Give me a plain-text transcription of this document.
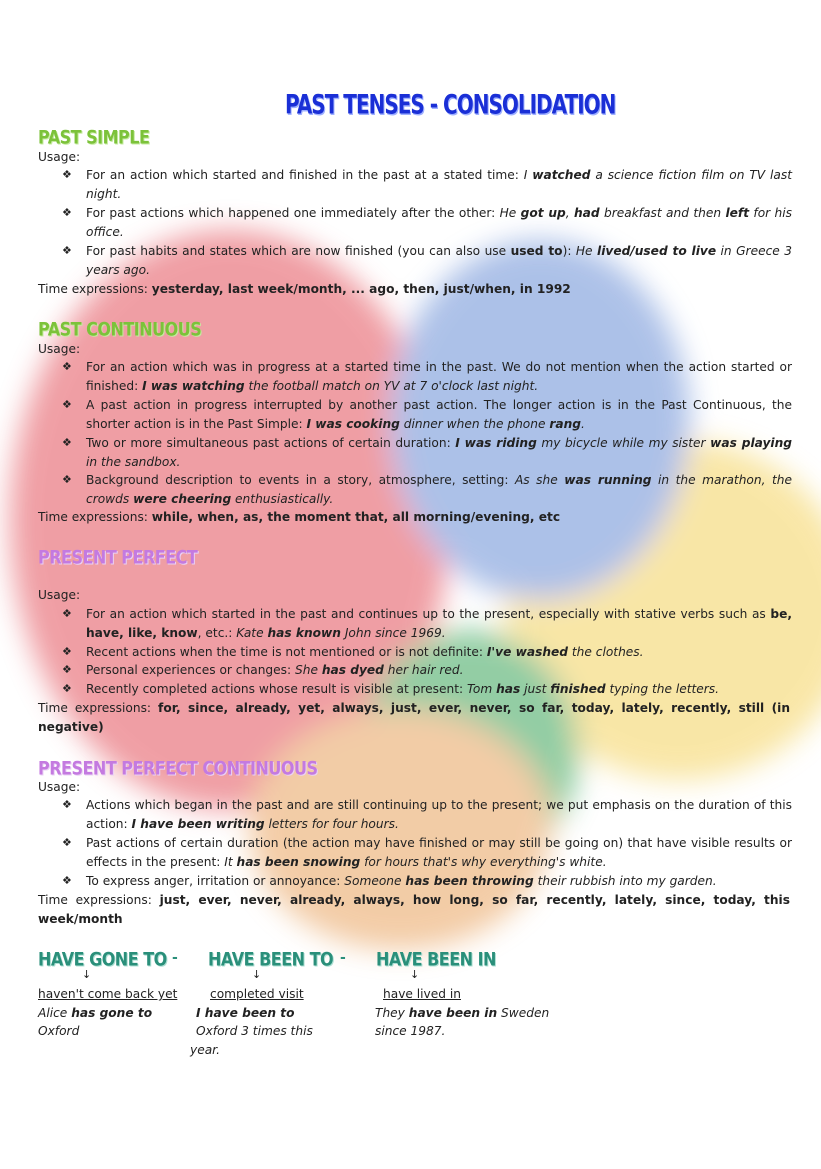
PAST TENSES - CONSOLIDATION
PAST SIMPLE
Usage:
❖ For an action which started and finished in the past at a stated time: I watched a science fiction film on TV last night.
❖ For past actions which happened one immediately after the other: He got up, had breakfast and then left for his office.
❖ For past habits and states which are now finished (you can also use used to): He lived/used to live in Greece 3 years ago.
Time expressions: yesterday, last week/month, ... ago, then, just/when, in 1992
PAST CONTINUOUS
Usage:
❖ For an action which was in progress at a started time in the past. We do not mention when the action started or finished: I was watching the football match on YV at 7 o'clock last night.
❖ A past action in progress interrupted by another past action. The longer action is in the Past Continuous, the shorter action is in the Past Simple: I was cooking dinner when the phone rang.
❖ Two or more simultaneous past actions of certain duration: I was riding my bicycle while my sister was playing in the sandbox.
❖ Background description to events in a story, atmosphere, setting: As she was running in the marathon, the crowds were cheering enthusiastically.
Time expressions: while, when, as, the moment that, all morning/evening, etc
PRESENT PERFECT
Usage:
❖ For an action which started in the past and continues up to the present, especially with stative verbs such as be, have, like, know, etc.: Kate has known John since 1969.
❖ Recent actions when the time is not mentioned or is not definite: I've washed the clothes.
❖ Personal experiences or changes: She has dyed her hair red.
❖ Recently completed actions whose result is visible at present: Tom has just finished typing the letters.
Time expressions: for, since, already, yet, always, just, ever, never, so far, today, lately, recently, still (in negative)
PRESENT PERFECT CONTINUOUS
Usage:
❖ Actions which began in the past and are still continuing up to the present; we put emphasis on the duration of this action: I have been writing letters for four hours.
❖ Past actions of certain duration (the action may have finished or may still be going on) that have visible results or effects in the present: It has been snowing for hours that's why everything's white.
❖ To express anger, irritation or annoyance: Someone has been throwing their rubbish into my garden.
Time expressions: just, ever, never, already, always, how long, so far, recently, lately, since, today, this week/month
HAVE GONE TO - HAVE BEEN TO - HAVE BEEN IN
↓	↓	↓
haven't come back yet
Alice has gone to
Oxford
completed visit
I have been to
Oxford 3 times this
year.
have lived in
They have been in Sweden
since 1987.
